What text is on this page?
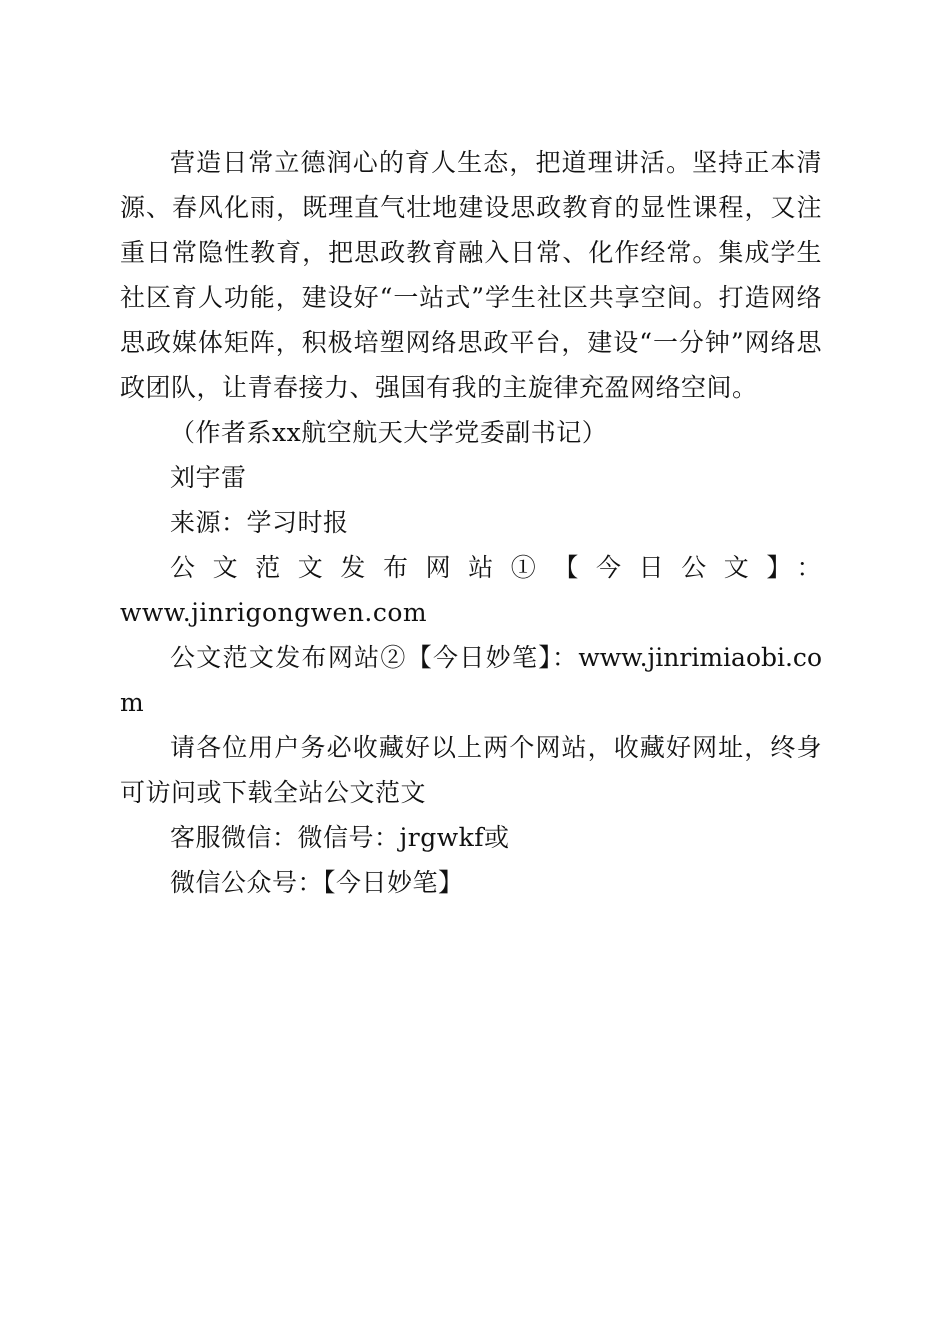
营造日常立德润心的育人生态，把道理讲活。坚持正本清源、春风化雨，既理直气壮地建设思政教育的显性课程，又注重日常隐性教育，把思政教育融入日常、化作经常。集成学生社区育人功能，建设好“一站式”学生社区共享空间。打造网络思政媒体矩阵，积极培塑网络思政平台，建设“一分钟”网络思政团队，让青春接力、强国有我的主旋律充盈网络空间。

（作者系xx航空航天大学党委副书记）

刘宇雷

来源：学习时报

公文范文发布网站①【今日公文】：
www.jinrigongwen.com

公文范文发布网站②【今日妙笔】：www.jinrimiaobi.com

请各位用户务必收藏好以上两个网站，收藏好网址，终身可访问或下载全站公文范文

客服微信：微信号：jrgwkf或

微信公众号：【今日妙笔】
